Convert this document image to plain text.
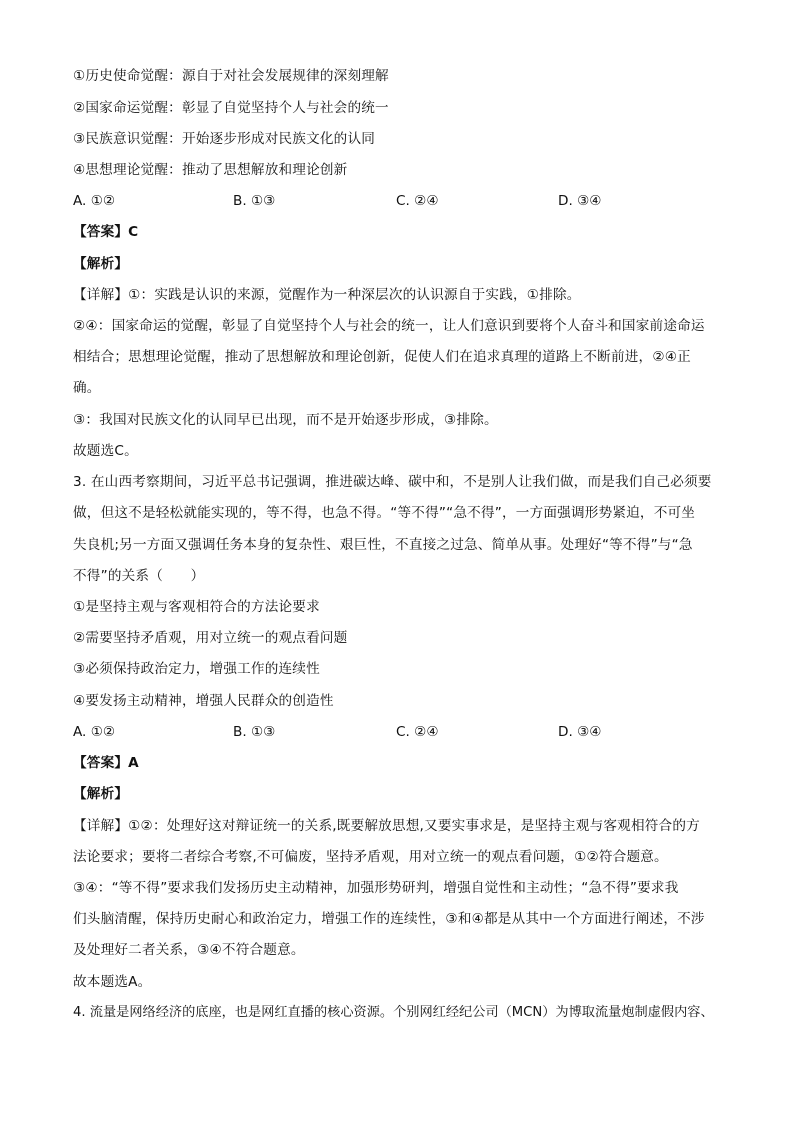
①历史使命觉醒：源自于对社会发展规律的深刻理解
②国家命运觉醒：彰显了自觉坚持个人与社会的统一
③民族意识觉醒：开始逐步形成对民族文化的认同
④思想理论觉醒：推动了思想解放和理论创新
A. ①②	B. ①③	C. ②④	D. ③④
【答案】C
【解析】
【详解】①：实践是认识的来源，觉醒作为一种深层次的认识源自于实践，①排除。
②④：国家命运的觉醒，彰显了自觉坚持个人与社会的统一，让人们意识到要将个人奋斗和国家前途命运
相结合；思想理论觉醒，推动了思想解放和理论创新，促使人们在追求真理的道路上不断前进，②④正
确。
③：我国对民族文化的认同早已出现，而不是开始逐步形成，③排除。
故题选C。
3. 在山西考察期间，习近平总书记强调，推进碳达峰、碳中和，不是别人让我们做，而是我们自己必须要
做，但这不是轻松就能实现的，等不得，也急不得。“等不得”“急不得”，一方面强调形势紧迫，不可坐
失良机;另一方面又强调任务本身的复杂性、艰巨性，不直接之过急、简单从事。处理好“等不得”与“急
不得”的关系（　　）
①是坚持主观与客观相符合的方法论要求
②需要坚持矛盾观，用对立统一的观点看问题
③必须保持政治定力，增强工作的连续性
④要发扬主动精神，增强人民群众的创造性
A. ①②	B. ①③	C. ②④	D. ③④
【答案】A
【解析】
【详解】①②：处理好这对辩证统一的关系,既要解放思想,又要实事求是，是坚持主观与客观相符合的方
法论要求；要将二者综合考察,不可偏废，坚持矛盾观，用对立统一的观点看问题，①②符合题意。
③④：“等不得”要求我们发扬历史主动精神，加强形势研判，增强自觉性和主动性；“急不得”要求我
们头脑清醒，保持历史耐心和政治定力，增强工作的连续性，③和④都是从其中一个方面进行阐述，不涉
及处理好二者关系，③④不符合题意。
故本题选A。
4. 流量是网络经济的底座，也是网红直播的核心资源。个别网红经纪公司（MCN）为博取流量炮制虚假内容、
